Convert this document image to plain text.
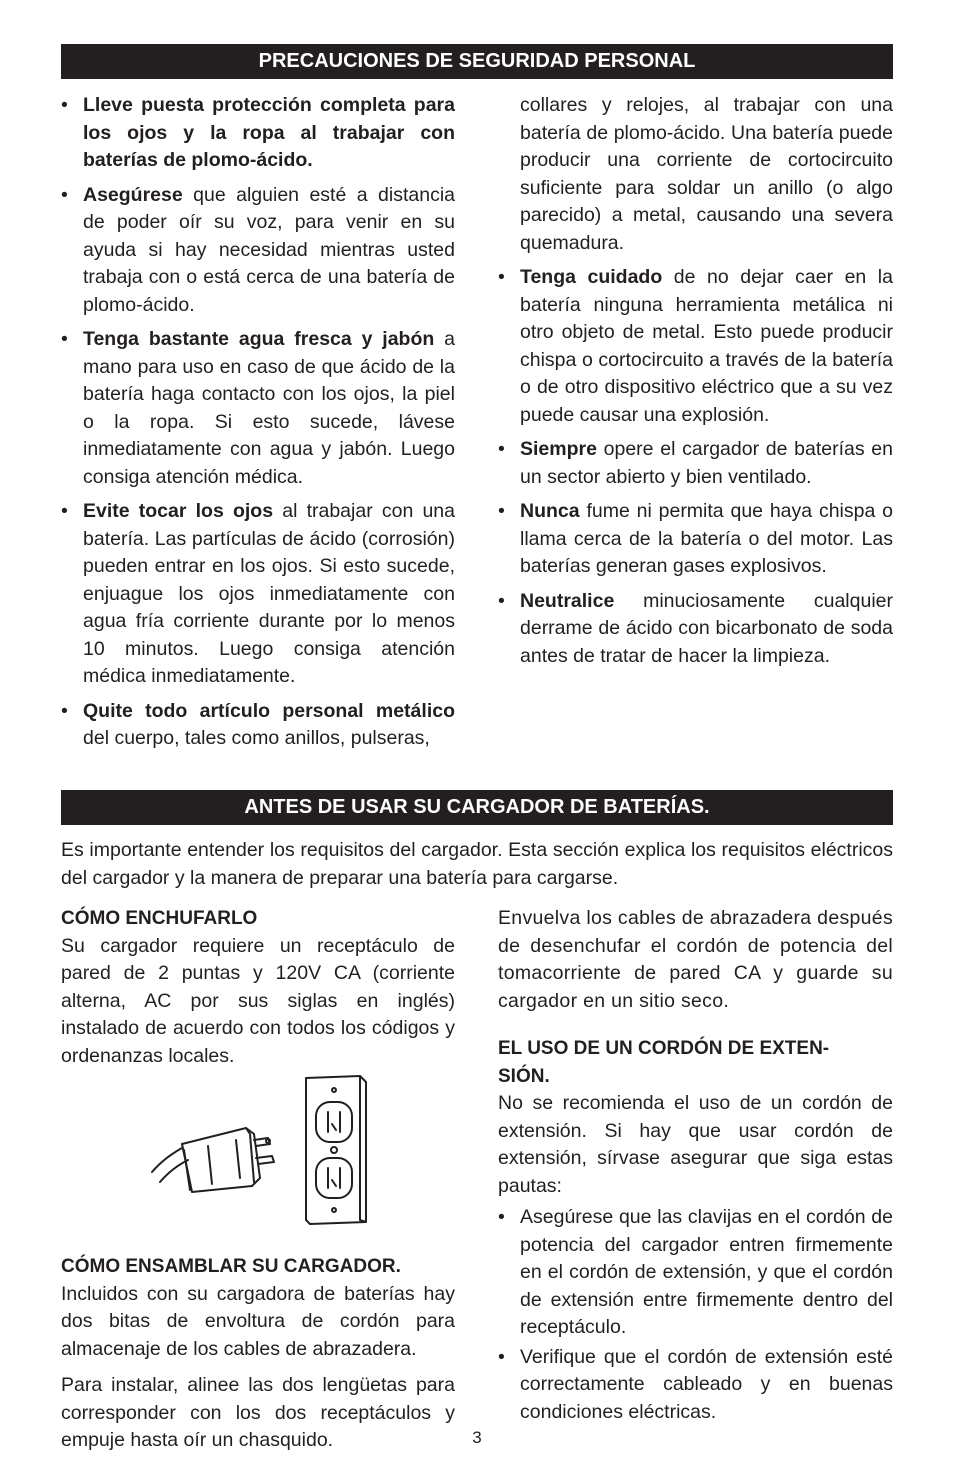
PRECAUCIONES DE SEGURIDAD PERSONAL
• Lleve puesta protección completa para los ojos y la ropa al trabajar con baterías de plomo-ácido.
• Asegúrese que alguien esté a distancia de poder oír su voz, para venir en su ayuda si hay necesidad mientras usted trabaja con o está cerca de una batería de plomo-ácido.
• Tenga bastante agua fresca y jabón a mano para uso en caso de que ácido de la batería haga contacto con los ojos, la piel o la ropa. Si esto sucede, lávese inmediatamente con agua y jabón. Luego consiga atención médica.
• Evite tocar los ojos al trabajar con una batería. Las partículas de ácido (corrosión) pueden entrar en los ojos. Si esto sucede, enjuague los ojos inmediatamente con agua fría corriente durante por lo menos 10 minutos. Luego consiga atención médica inmediatamente.
• Quite todo artículo personal metálico del cuerpo, tales como anillos, pulseras,
collares y relojes, al trabajar con una batería de plomo-ácido. Una batería puede producir una corriente de cortocircuito suficiente para soldar un anillo (o algo parecido) a metal, causando una severa quemadura.
• Tenga cuidado de no dejar caer en la batería ninguna herramienta metálica ni otro objeto de metal. Esto puede producir chispa o cortocircuito a través de la batería o de otro dispositivo eléctrico que a su vez puede causar una explosión.
• Siempre opere el cargador de baterías en un sector abierto y bien ventilado.
• Nunca fume ni permita que haya chispa o llama cerca de la batería o del motor. Las baterías generan gases explosivos.
• Neutralice minuciosamente cualquier derrame de ácido con bicarbonato de soda antes de tratar de hacer la limpieza.
ANTES DE USAR SU CARGADOR DE BATERÍAS.

Es importante entender los requisitos del cargador. Esta sección explica los requisitos eléctricos del cargador y la manera de preparar una batería para cargarse.

CÓMO ENCHUFARLO

Su cargador requiere un receptáculo de pared de 2 puntas y 120V CA (corriente alterna, AC por sus siglas en inglés) instalado de acuerdo con todos los códigos y ordenanzas locales.

CÓMO ENSAMBLAR SU CARGADOR.

Incluidos con su cargadora de baterías hay dos bitas de envoltura de cordón para almacenaje de los cables de abrazadera.

Para instalar, alinee las dos lengüetas para corresponder con los dos receptáculos y empuje hasta oír un chasquido.

Envuelva los cables de abrazadera después de desenchufar el cordón de potencia del tomacorriente de pared CA y guarde su cargador en un sitio seco.

EL USO DE UN CORDÓN DE EXTEN-
SIÓN.

No se recomienda el uso de un cordón de extensión. Si hay que usar cordón de extensión, sírvase asegurar que siga estas pautas:

• Asegúrese que las clavijas en el cordón de potencia del cargador entren firmemente en el cordón de extensión, y que el cordón de extensión entre firmemente dentro del receptáculo.
• Verifique que el cordón de extensión esté correctamente cableado y en buenas condiciones eléctricas.
3
